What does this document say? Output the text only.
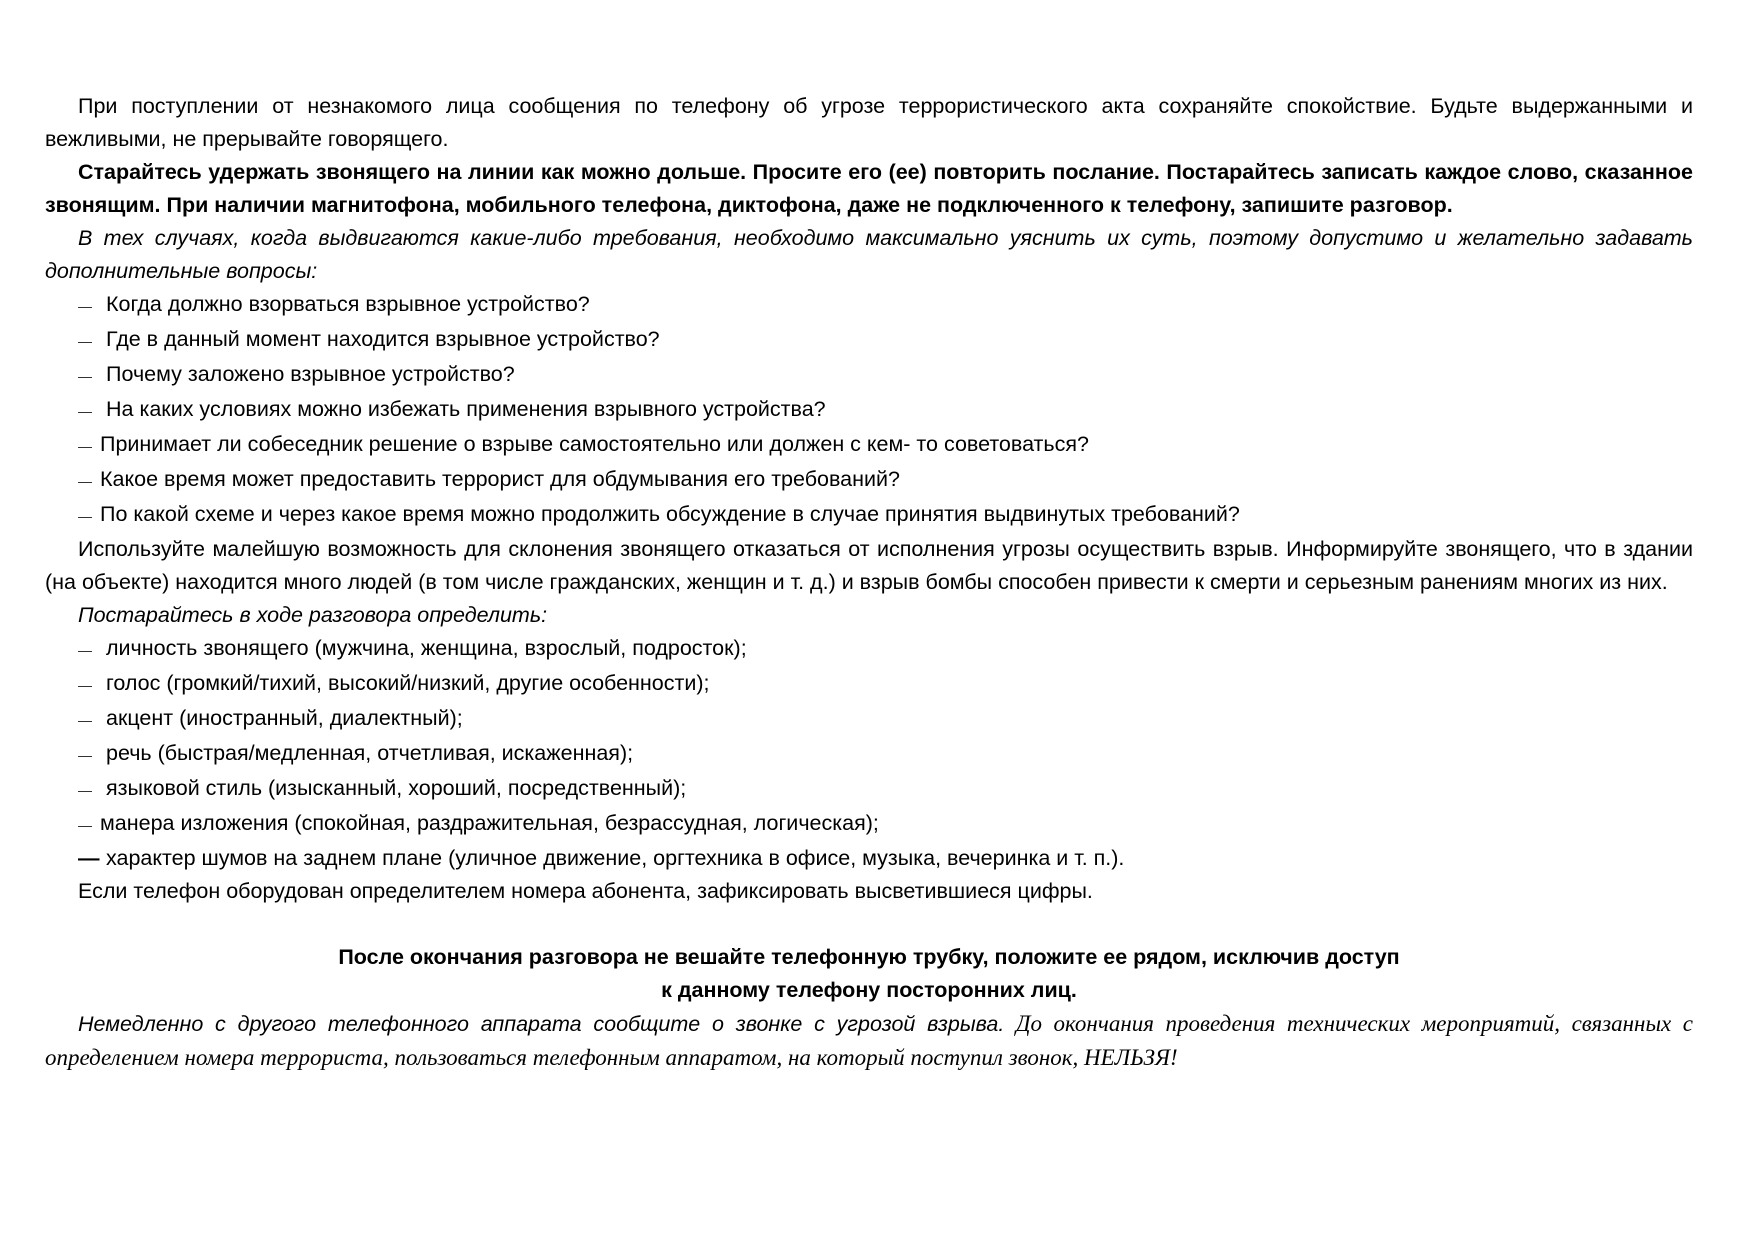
При поступлении от незнакомого лица сообщения по телефону об угрозе террористического акта сохраняйте спокойствие. Будьте выдержанными и вежливыми, не прерывайте говорящего.

Старайтесь удержать звонящего на линии как можно дольше. Просите его (ее) повторить послание. Постарайтесь записать каждое слово, сказанное звонящим. При наличии магнитофона, мобильного телефона, диктофона, даже не подключенного к телефону, запишите разговор.

В тех случаях, когда выдвигаются какие-либо требования, необходимо максимально уяснить их суть, поэтому допустимо и желательно задавать дополнительные вопросы:

— Когда должно взорваться взрывное устройство?

— Где в данный момент находится взрывное устройство?

— Почему заложено взрывное устройство?

— На каких условиях можно избежать применения взрывного устройства?

— Принимает ли собеседник решение о взрыве самостоятельно или должен с кем- то советоваться?

— Какое время может предоставить террорист для обдумывания его требований?

— По какой схеме и через какое время можно продолжить обсуждение в случае принятия выдвинутых требований?

Используйте малейшую возможность для склонения звонящего отказаться от исполнения угрозы осуществить взрыв. Информируйте звонящего, что в здании (на объекте) находится много людей (в том числе гражданских, женщин и т. д.) и взрыв бомбы способен привести к смерти и серьезным ранениям многих из них.

Постарайтесь в ходе разговора определить:

— личность звонящего (мужчина, женщина, взрослый, подросток);

— голос (громкий/тихий, высокий/низкий, другие особенности);

— акцент (иностранный, диалектный);

— речь (быстрая/медленная, отчетливая, искаженная);

— языковой стиль (изысканный, хороший, посредственный);

— манера изложения (спокойная, раздражительная, безрассудная, логическая);

— характер шумов на заднем плане (уличное движение, оргтехника в офисе, музыка, вечеринка и т. п.).

Если телефон оборудован определителем номера абонента, зафиксировать высветившиеся цифры.

После окончания разговора не вешайте телефонную трубку, положите ее рядом, исключив доступ

к данному телефону посторонних лиц.

Немедленно с другого телефонного аппарата сообщите о звонке с угрозой взрыва. До окончания проведения технических мероприятий, связанных с определением номера террориста, пользоваться телефонным аппаратом, на который поступил звонок, НЕЛЬЗЯ!
